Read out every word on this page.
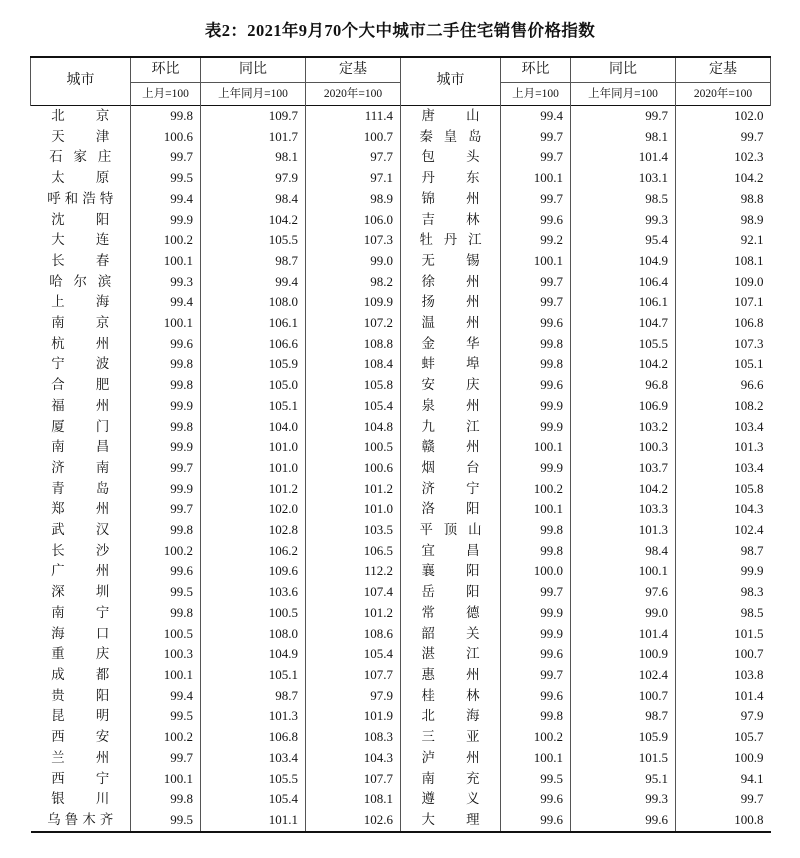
表2：2021年9月70个大中城市二手住宅销售价格指数
城市	环比	同比	定基	城市	环比	同比	定基
	上月=100	上年同月=100	2020年=100		上月=100	上年同月=100	2020年=100
北京	99.8	109.7	111.4	唐山	99.4	99.7	102.0
天津	100.6	101.7	100.7	秦皇岛	99.7	98.1	99.7
石家庄	99.7	98.1	97.7	包头	99.7	101.4	102.3
太原	99.5	97.9	97.1	丹东	100.1	103.1	104.2
呼和浩特	99.4	98.4	98.9	锦州	99.7	98.5	98.8
沈阳	99.9	104.2	106.0	吉林	99.6	99.3	98.9
大连	100.2	105.5	107.3	牡丹江	99.2	95.4	92.1
长春	100.1	98.7	99.0	无锡	100.1	104.9	108.1
哈尔滨	99.3	99.4	98.2	徐州	99.7	106.4	109.0
上海	99.4	108.0	109.9	扬州	99.7	106.1	107.1
南京	100.1	106.1	107.2	温州	99.6	104.7	106.8
杭州	99.6	106.6	108.8	金华	99.8	105.5	107.3
宁波	99.8	105.9	108.4	蚌埠	99.8	104.2	105.1
合肥	99.8	105.0	105.8	安庆	99.6	96.8	96.6
福州	99.9	105.1	105.4	泉州	99.9	106.9	108.2
厦门	99.8	104.0	104.8	九江	99.9	103.2	103.4
南昌	99.9	101.0	100.5	赣州	100.1	100.3	101.3
济南	99.7	101.0	100.6	烟台	99.9	103.7	103.4
青岛	99.9	101.2	101.2	济宁	100.2	104.2	105.8
郑州	99.7	102.0	101.0	洛阳	100.1	103.3	104.3
武汉	99.8	102.8	103.5	平顶山	99.8	101.3	102.4
长沙	100.2	106.2	106.5	宜昌	99.8	98.4	98.7
广州	99.6	109.6	112.2	襄阳	100.0	100.1	99.9
深圳	99.5	103.6	107.4	岳阳	99.7	97.6	98.3
南宁	99.8	100.5	101.2	常德	99.9	99.0	98.5
海口	100.5	108.0	108.6	韶关	99.9	101.4	101.5
重庆	100.3	104.9	105.4	湛江	99.6	100.9	100.7
成都	100.1	105.1	107.7	惠州	99.7	102.4	103.8
贵阳	99.4	98.7	97.9	桂林	99.6	100.7	101.4
昆明	99.5	101.3	101.9	北海	99.8	98.7	97.9
西安	100.2	106.8	108.3	三亚	100.2	105.9	105.7
兰州	99.7	103.4	104.3	泸州	100.1	101.5	100.9
西宁	100.1	105.5	107.7	南充	99.5	95.1	94.1
银川	99.8	105.4	108.1	遵义	99.6	99.3	99.7
乌鲁木齐	99.5	101.1	102.6	大理	99.6	99.6	100.8
